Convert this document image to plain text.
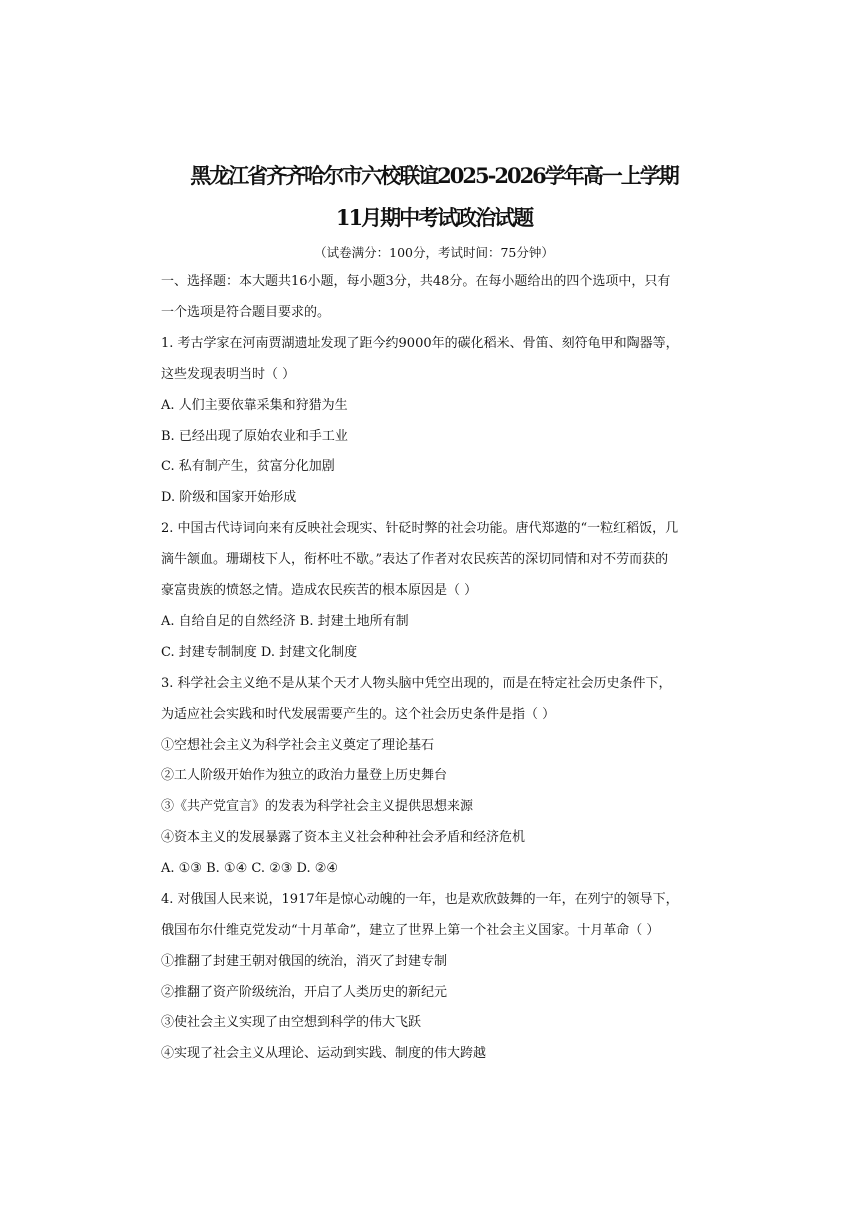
黑龙江省齐齐哈尔市六校联谊2025-2026学年高一上学期
11月期中考试政治试题
（试卷满分：100分，考试时间：75分钟）
一、选择题：本大题共16小题，每小题3分，共48分。在每小题给出的四个选项中，只有
一个选项是符合题目要求的。
1. 考古学家在河南贾湖遗址发现了距今约9000年的碳化稻米、骨笛、刻符龟甲和陶器等，
这些发现表明当时（ ）
A. 人们主要依靠采集和狩猎为生
B. 已经出现了原始农业和手工业
C. 私有制产生，贫富分化加剧
D. 阶级和国家开始形成
2. 中国古代诗词向来有反映社会现实、针砭时弊的社会功能。唐代郑遨的“一粒红稻饭，几
滴牛颔血。珊瑚枝下人，衔杯吐不歇。”表达了作者对农民疾苦的深切同情和对不劳而获的
豪富贵族的愤怒之情。造成农民疾苦的根本原因是（ ）
A. 自给自足的自然经济 B. 封建土地所有制
C. 封建专制制度 D. 封建文化制度
3. 科学社会主义绝不是从某个天才人物头脑中凭空出现的，而是在特定社会历史条件下，
为适应社会实践和时代发展需要产生的。这个社会历史条件是指（ ）
①空想社会主义为科学社会主义奠定了理论基石
②工人阶级开始作为独立的政治力量登上历史舞台
③《共产党宣言》的发表为科学社会主义提供思想来源
④资本主义的发展暴露了资本主义社会种种社会矛盾和经济危机
A. ①③ B. ①④ C. ②③ D. ②④
4. 对俄国人民来说，1917年是惊心动魄的一年，也是欢欣鼓舞的一年，在列宁的领导下，
俄国布尔什维克党发动“十月革命”，建立了世界上第一个社会主义国家。十月革命（ ）
①推翻了封建王朝对俄国的统治，消灭了封建专制
②推翻了资产阶级统治，开启了人类历史的新纪元
③使社会主义实现了由空想到科学的伟大飞跃
④实现了社会主义从理论、运动到实践、制度的伟大跨越
